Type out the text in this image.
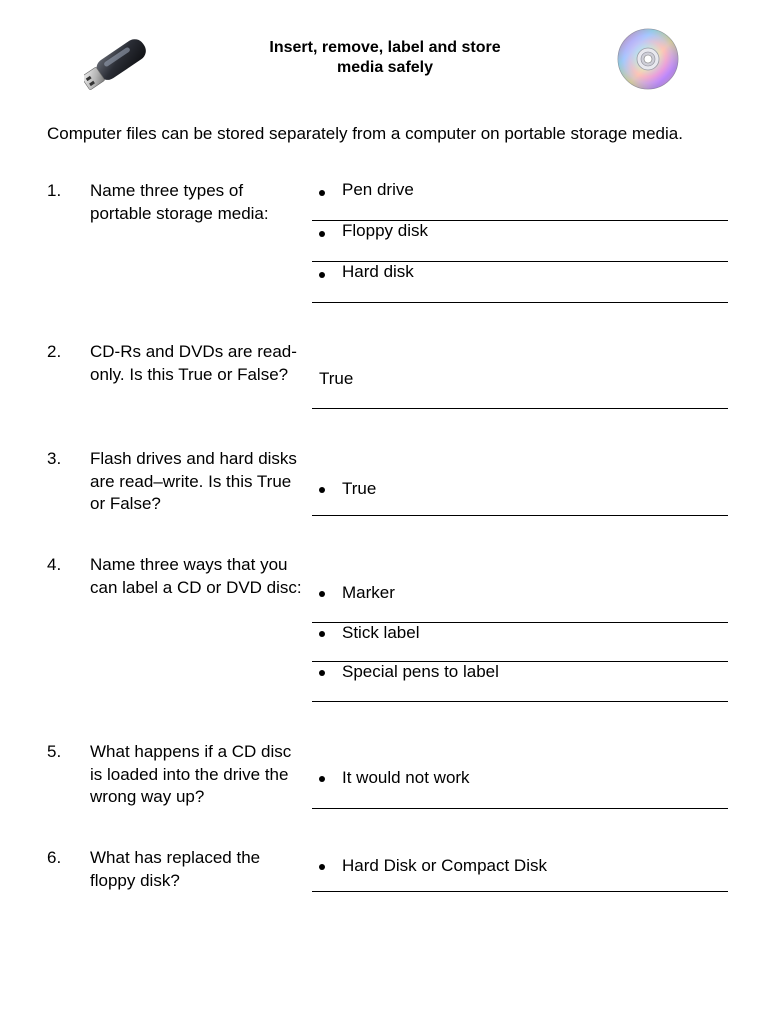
Insert, remove, label and store
media safely
Computer files can be stored separately from a computer on portable storage media.
1. Name three types of portable storage media:
Pen drive
Floppy disk
Hard disk
2. CD-Rs and DVDs are read-only. Is this True or False?	True
3. Flash drives and hard disks are read–write. Is this True or False?
True
4. Name three ways that you can label a CD or DVD disc:	Marker
Stick label
Special pens to label
5. What happens if a CD disc is loaded into the drive the wrong way up?
It would not work
6. What has replaced the floppy disk?
Hard Disk or Compact Disk
